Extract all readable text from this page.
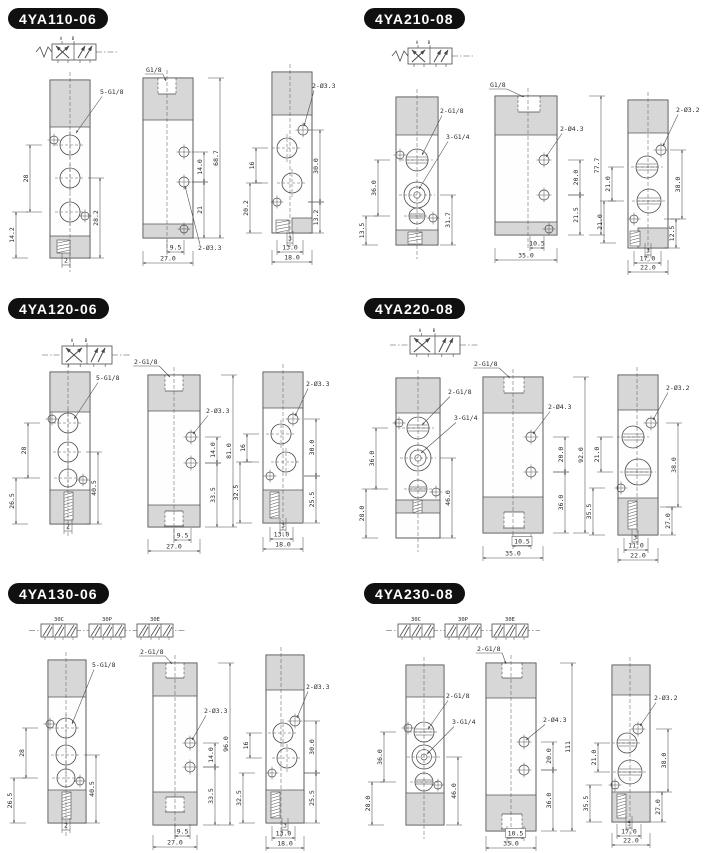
A B
28
14.2
28.2
2
5-G1/8
68.7
14.0
21
9.5
27.0
G1/8
2-Ø3.3
16
20.2
30.0
13.2
3
13.0
18.0
2-Ø3.3
A B
36.0
13.5
31.7
2-G1/8
3-G1/4
77.7
20.0
21.5
10.5
35.0
G1/8
2-Ø4.3
21.0
21.0
38.0
12.5
3
17.0
22.0
2-Ø3.2
A	B
28
26.5
40.5
2
5-G1/8
81.0
14.0
33.5
9.5
27.0
2-G1/8
2-Ø3.3
16
32.5
30.0
25.5
3
13.0
18.0
2-Ø3.3
A	B
36.0
28.0
46.0
2-G1/8
3-G1/4
92.0
20.0
36.0
10.5
35.0
2-G1/8
2-Ø4.3
21.0
35.5
38.0
27.0
3
11.0
22.0
2-Ø3.2
30C	30P	30E
28
26.5
40.5
2
5-G1/8
96.0
14.0
33.5
9.5
27.0
2-G1/8
2-Ø3.3
16
32.5
30.0
25.5
3
13.0
18.0
2-Ø3.3
30C	30P	30E
36.0
28.0
46.0
2-G1/8
3-G1/4
111
20.0
36.0
10.5
35.0
2-G1/8
2-Ø4.3
21.0
35.5
38.0
27.0
3
17.0
22.0
2-Ø3.2
4YA110-06	4YA210-08
4YA120-06	4YA220-08
4YA130-06	4YA230-08
